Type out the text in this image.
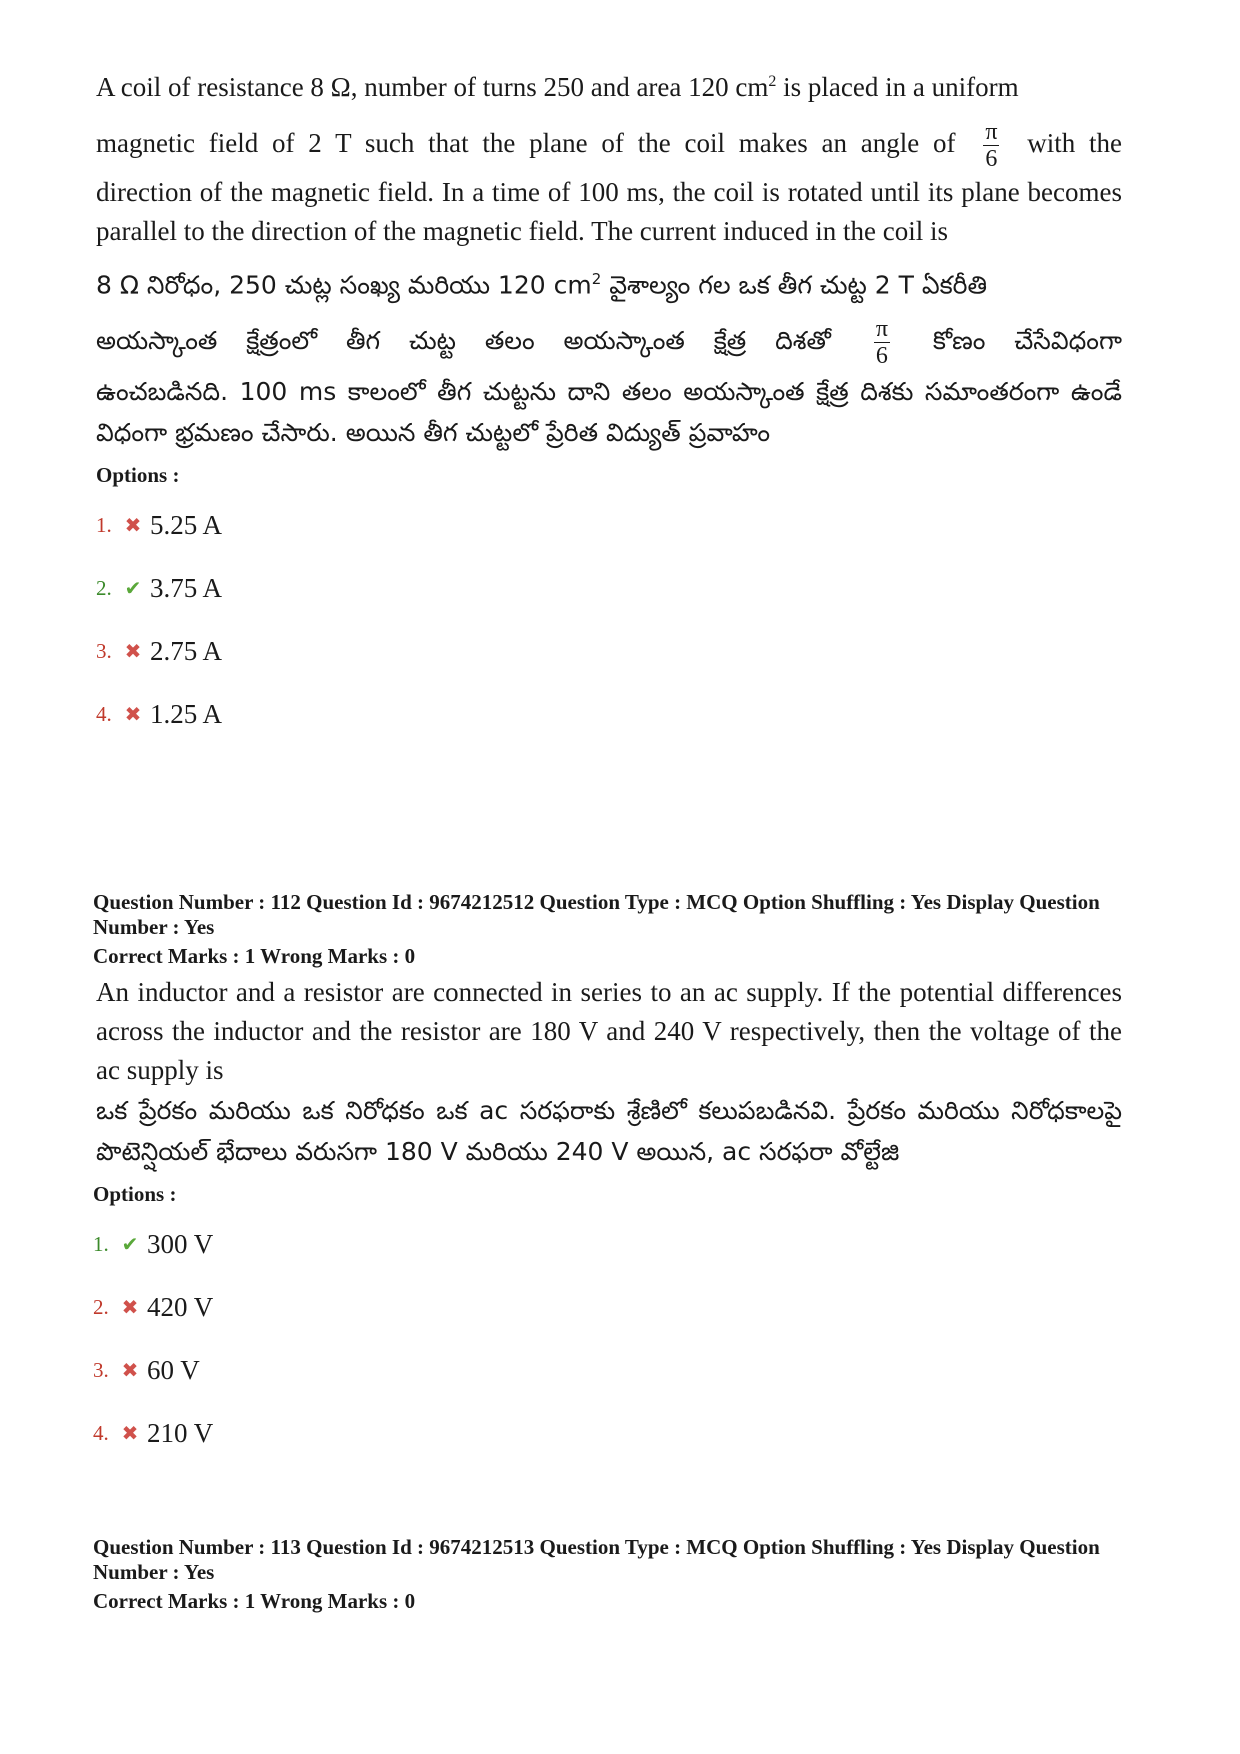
A coil of resistance 8 Ω, number of turns 250 and area 120 $cm^2$ is placed in a uniform

magnetic field of 2 T such that the plane of the coil makes an angle of $\frac{\pi}{6}$ with the

direction of the magnetic field. In a time of 100 ms, the coil is rotated until its plane becomes parallel to the direction of the magnetic field. The current induced in the coil is

8 Ω నిరోధం, 250 చుట్ల సంఖ్య మరియు 120 $cm^2$ వైశాల్యం గల ఒక తీగ చుట్ట 2 T ఏకరీతి

అయస్కాంత క్షేత్రంలో తీగ చుట్ట తలం అయస్కాంత క్షేత్ర దిశతో $\frac{\pi}{6}$ కోణం చేసేవిధంగా

ఉంచబడినది. 100 ms కాలంలో తీగ చుట్టను దాని తలం అయస్కాంత క్షేత్ర దిశకు సమాంతరంగా ఉండే విధంగా భ్రమణం చేసారు. అయిన తీగ చుట్టలో ప్రేరిత విద్యుత్ ప్రవాహం

Options :
1. ✖ 5.25 A
2. ✔ 3.75 A
3. ✖ 2.75 A
4. ✖ 1.25 A
Question Number : 112 Question Id : 9674212512 Question Type : MCQ Option Shuffling : Yes Display Question Number : Yes
Correct Marks : 1 Wrong Marks : 0
An inductor and a resistor are connected in series to an ac supply. If the potential differences across the inductor and the resistor are 180 V and 240 V respectively, then the voltage of the ac supply is
ఒక ప్రేరకం మరియు ఒక నిరోధకం ఒక ac సరఫరాకు శ్రేణిలో కలుపబడినవి. ప్రేరకం మరియు నిరోధకాలపై పొటెన్షియల్ భేదాలు వరుసగా 180 V మరియు 240 V అయిన, ac సరఫరా వోల్టేజి
Options :
1. ✔ 300 V
2. ✖ 420 V
3. ✖ 60 V
4. ✖ 210 V
Question Number : 113 Question Id : 9674212513 Question Type : MCQ Option Shuffling : Yes Display Question Number : Yes
Correct Marks : 1 Wrong Marks : 0
